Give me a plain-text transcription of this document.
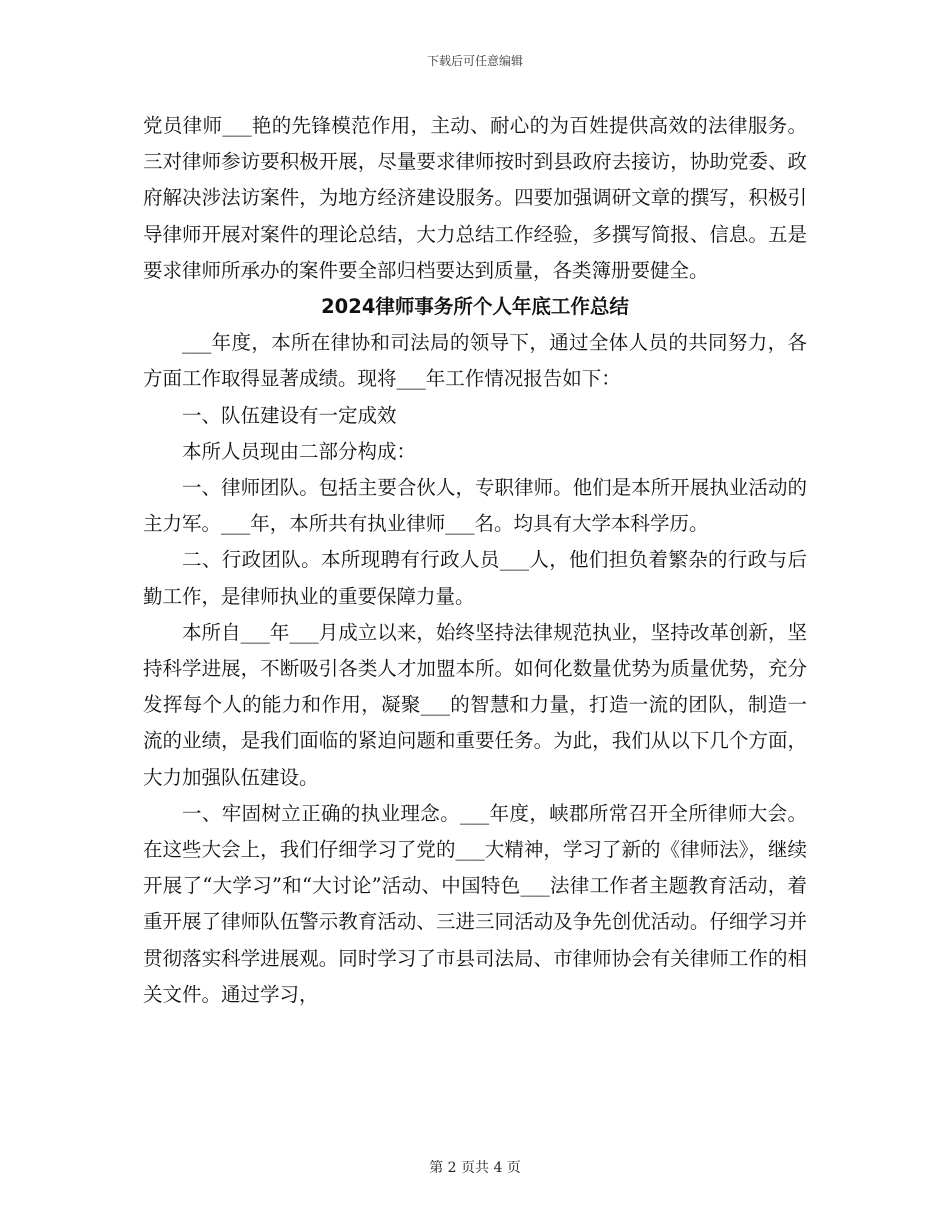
下载后可任意编辑

党员律师___艳的先锋模范作用，主动、耐心的为百姓提供高效的法律服务。三对律师参访要积极开展，尽量要求律师按时到县政府去接访，协助党委、政府解决涉法访案件，为地方经济建设服务。四要加强调研文章的撰写，积极引导律师开展对案件的理论总结，大力总结工作经验，多撰写简报、信息。五是要求律师所承办的案件要全部归档要达到质量，各类簿册要健全。

2024律师事务所个人年底工作总结

___年度，本所在律协和司法局的领导下，通过全体人员的共同努力，各方面工作取得显著成绩。现将___年工作情况报告如下：

一、队伍建设有一定成效

本所人员现由二部分构成：

一、律师团队。包括主要合伙人，专职律师。他们是本所开展执业活动的主力军。___年，本所共有执业律师___名。均具有大学本科学历。

二、行政团队。本所现聘有行政人员___人，他们担负着繁杂的行政与后勤工作，是律师执业的重要保障力量。

本所自___年___月成立以来，始终坚持法律规范执业，坚持改革创新，坚持科学进展，不断吸引各类人才加盟本所。如何化数量优势为质量优势，充分发挥每个人的能力和作用，凝聚___的智慧和力量，打造一流的团队，制造一流的业绩，是我们面临的紧迫问题和重要任务。为此，我们从以下几个方面，大力加强队伍建设。

一、牢固树立正确的执业理念。___年度，峡郡所常召开全所律师大会。在这些大会上，我们仔细学习了党的___大精神，学习了新的《律师法》，继续开展了“大学习”和“大讨论”活动、中国特色___法律工作者主题教育活动，着重开展了律师队伍警示教育活动、三进三同活动及争先创优活动。仔细学习并贯彻落实科学进展观。同时学习了市县司法局、市律师协会有关律师工作的相关文件。通过学习，

第 2 页共 4 页
